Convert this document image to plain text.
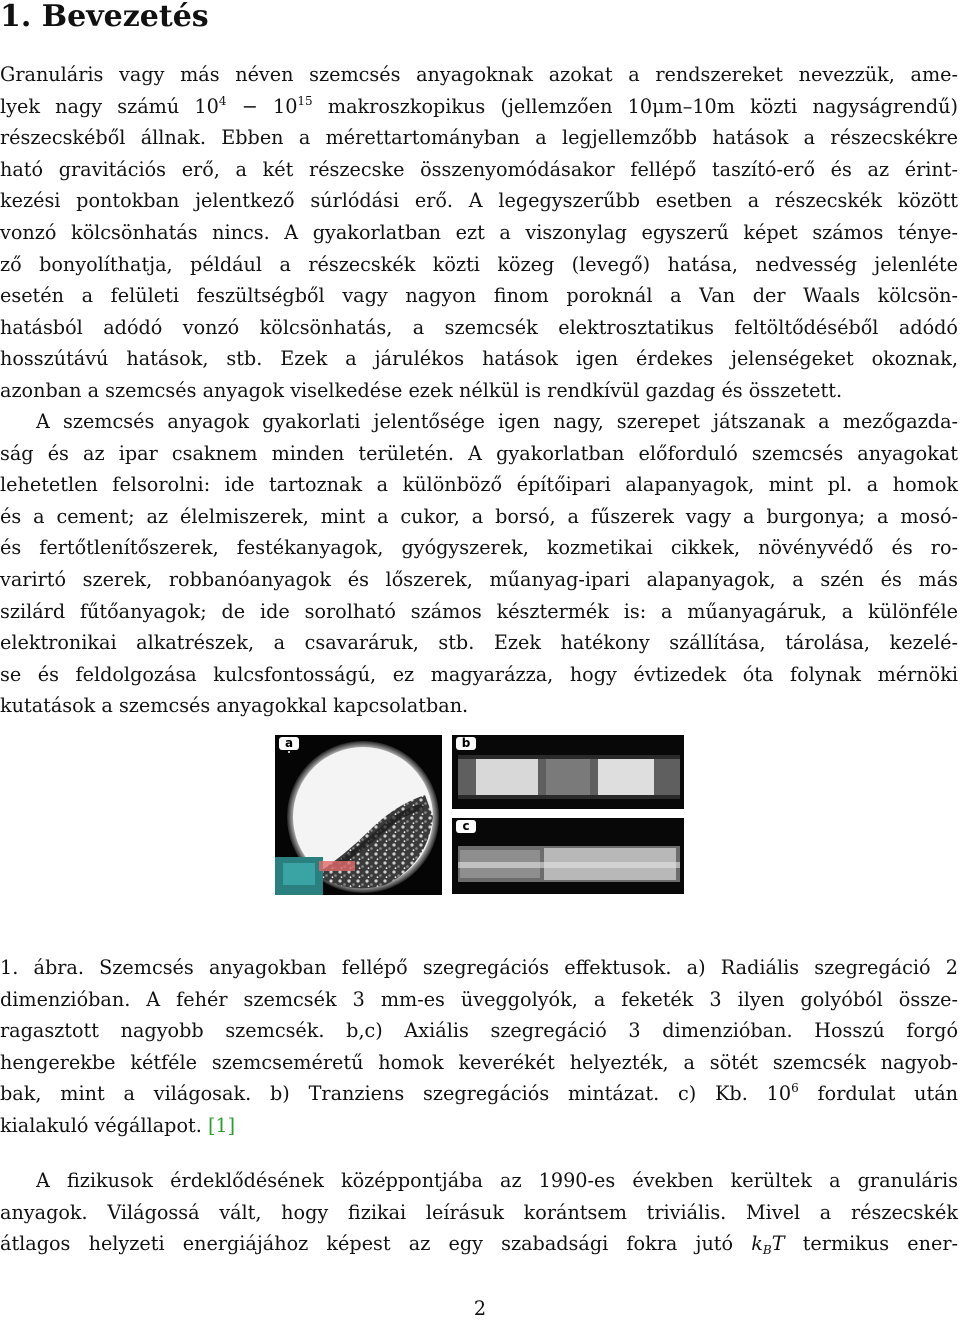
1. Bevezetés
Granuláris vagy más néven szemcsés anyagoknak azokat a rendszereket nevezzük, ame-
lyek nagy számú $10^4 - 10^{15}$ makroszkopikus (jellemzően 10μm–10m közti nagyságrendű)
részecskéből állnak. Ebben a mérettartományban a legjellemzőbb hatások a részecskékre
ható gravitációs erő, a két részecske összenyomódásakor fellépő taszító-erő és az érint-
kezési pontokban jelentkező súrlódási erő. A legegyszerűbb esetben a részecskék között
vonzó kölcsönhatás nincs. A gyakorlatban ezt a viszonylag egyszerű képet számos ténye-
ző bonyolíthatja, például a részecskék közti közeg (levegő) hatása, nedvesség jelenléte
esetén a felületi feszültségből vagy nagyon finom poroknál a Van der Waals kölcsön-
hatásból adódó vonzó kölcsönhatás, a szemcsék elektrosztatikus feltöltődéséből adódó
hosszútávú hatások, stb. Ezek a járulékos hatások igen érdekes jelenségeket okoznak,
azonban a szemcsés anyagok viselkedése ezek nélkül is rendkívül gazdag és összetett.
A szemcsés anyagok gyakorlati jelentősége igen nagy, szerepet játszanak a mezőgazda-
ság és az ipar csaknem minden területén. A gyakorlatban előforduló szemcsés anyagokat
lehetetlen felsorolni: ide tartoznak a különböző építőipari alapanyagok, mint pl. a homok
és a cement; az élelmiszerek, mint a cukor, a borsó, a fűszerek vagy a burgonya; a mosó-
és fertőtlenítőszerek, festékanyagok, gyógyszerek, kozmetikai cikkek, növényvédő és ro-
varirtó szerek, robbanóanyagok és lőszerek, műanyag-ipari alapanyagok, a szén és más
szilárd fűtőanyagok; de ide sorolható számos késztermék is: a műanyagáruk, a különféle
elektronikai alkatrészek, a csavaráruk, stb. Ezek hatékony szállítása, tárolása, kezelé-
se és feldolgozása kulcsfontosságú, ez magyarázza, hogy évtizedek óta folynak mérnöki
kutatások a szemcsés anyagokkal kapcsolatban.
a	b
c
1. ábra. Szemcsés anyagokban fellépő szegregációs effektusok. a) Radiális szegregáció 2
dimenzióban. A fehér szemcsék 3 mm-es üveggolyók, a feketék 3 ilyen golyóból össze-
ragasztott nagyobb szemcsék. b,c) Axiális szegregáció 3 dimenzióban. Hosszú forgó
hengerekbe kétféle szemcseméretű homok keverékét helyezték, a sötét szemcsék nagyob-
bak, mint a világosak. b) Tranziens szegregációs mintázat. c) Kb. $10^6$ fordulat után
kialakuló végállapot. [1]
A fizikusok érdeklődésének középpontjába az 1990-es években kerültek a granuláris
anyagok. Világossá vált, hogy fizikai leírásuk korántsem triviális. Mivel a részecskék
átlagos helyzeti energiájához képest az egy szabadsági fokra jutó $k_BT$ termikus ener-
2
